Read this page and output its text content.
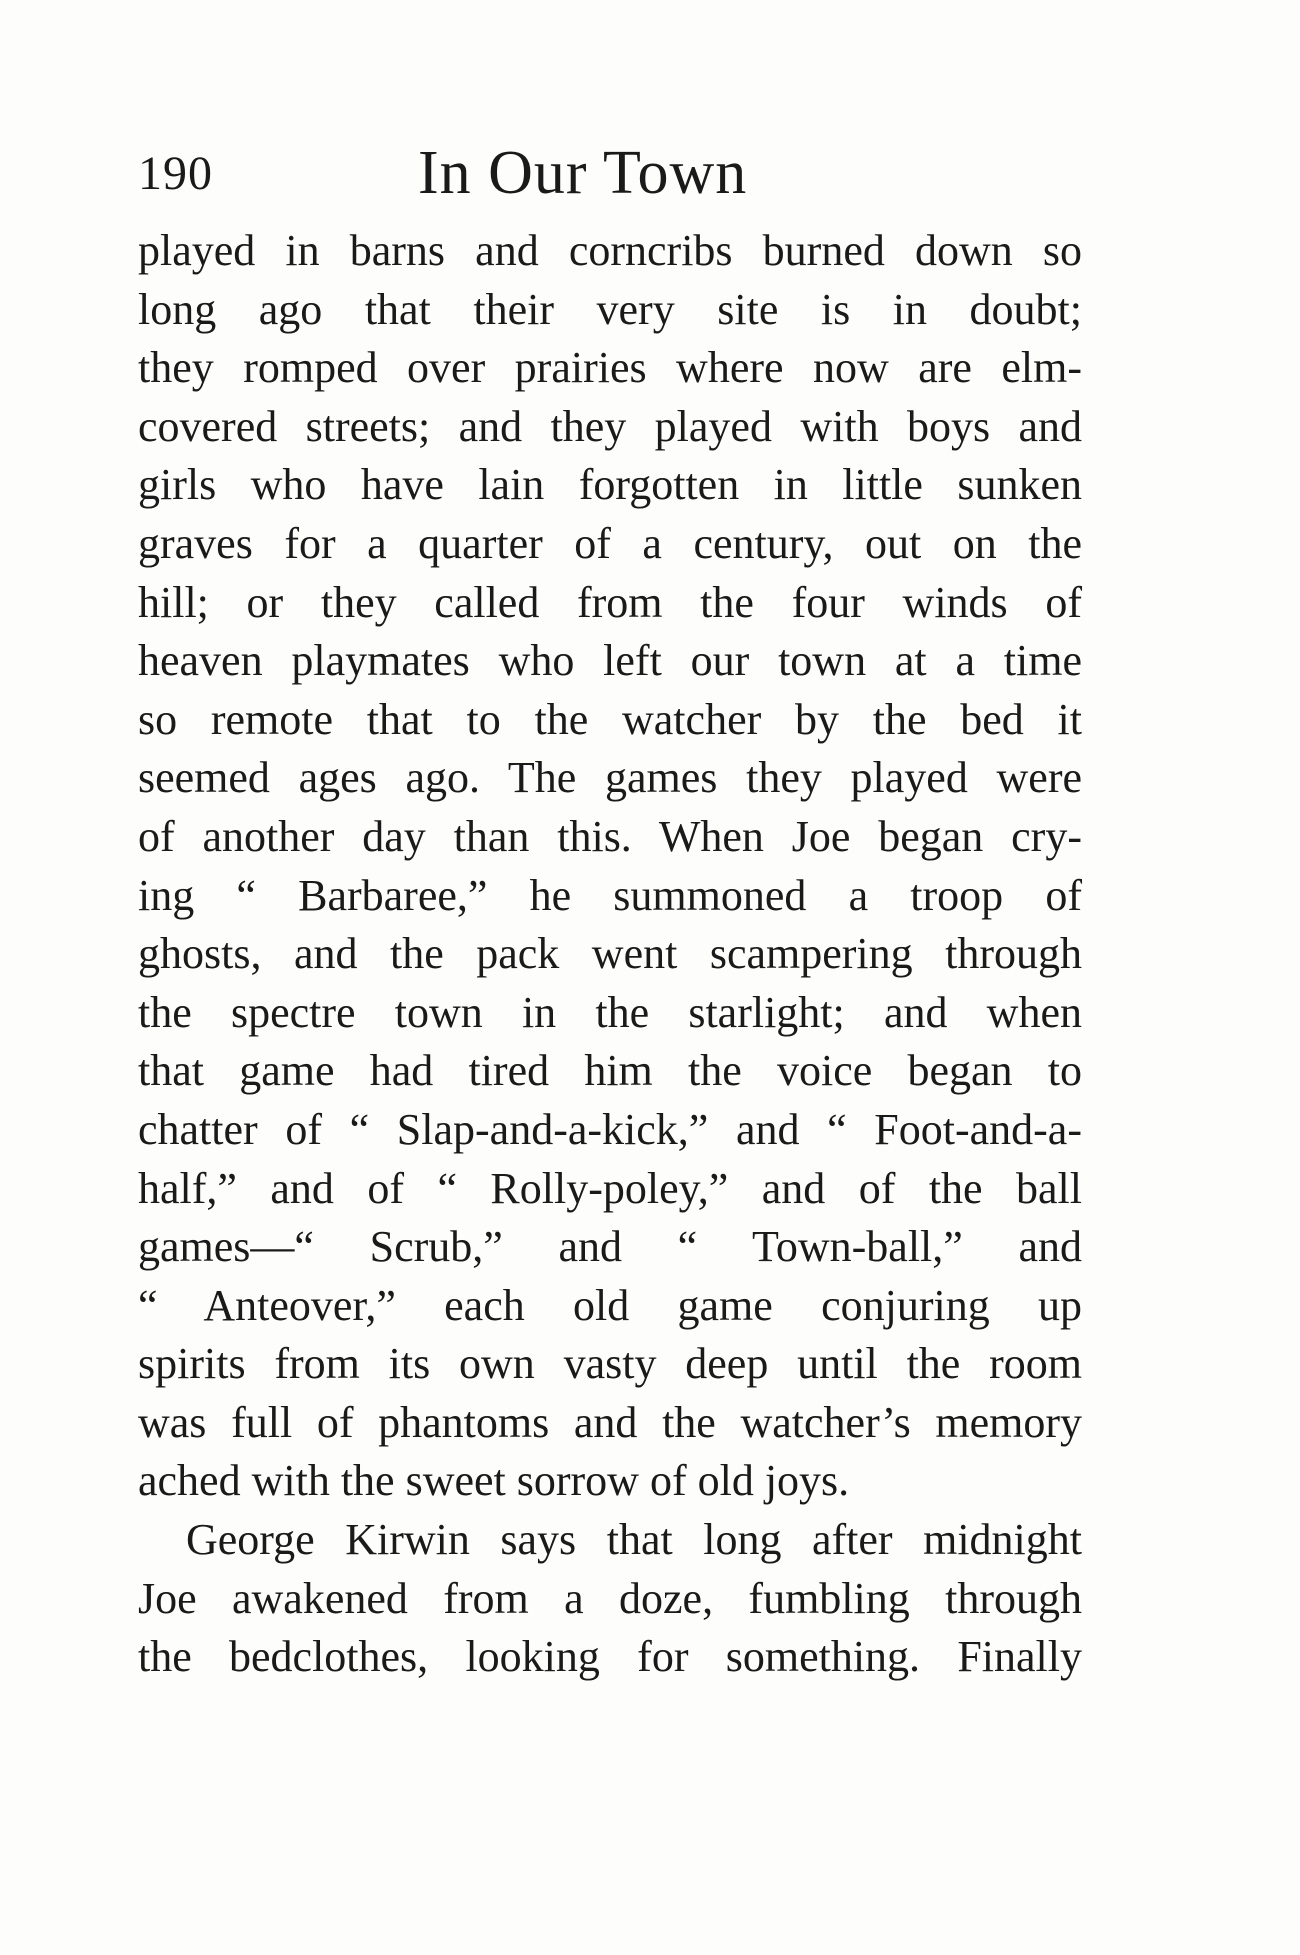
190	In Our Town
played in barns and corncribs burned down so
long ago that their very site is in doubt;
they romped over prairies where now are elm-
covered streets; and they played with boys and
girls who have lain forgotten in little sunken
graves for a quarter of a century, out on the
hill; or they called from the four winds of
heaven playmates who left our town at a time
so remote that to the watcher by the bed it
seemed ages ago. The games they played were
of another day than this. When Joe began cry-
ing “ Barbaree,” he summoned a troop of
ghosts, and the pack went scampering through
the spectre town in the starlight; and when
that game had tired him the voice began to
chatter of “ Slap-and-a-kick,” and “ Foot-and-a-
half,” and of “ Rolly-poley,” and of the ball
games—“ Scrub,” and “ Town-ball,” and
“ Anteover,” each old game conjuring up
spirits from its own vasty deep until the room
was full of phantoms and the watcher’s memory
ached with the sweet sorrow of old joys.
George Kirwin says that long after midnight
Joe awakened from a doze, fumbling through
the bedclothes, looking for something. Finally
